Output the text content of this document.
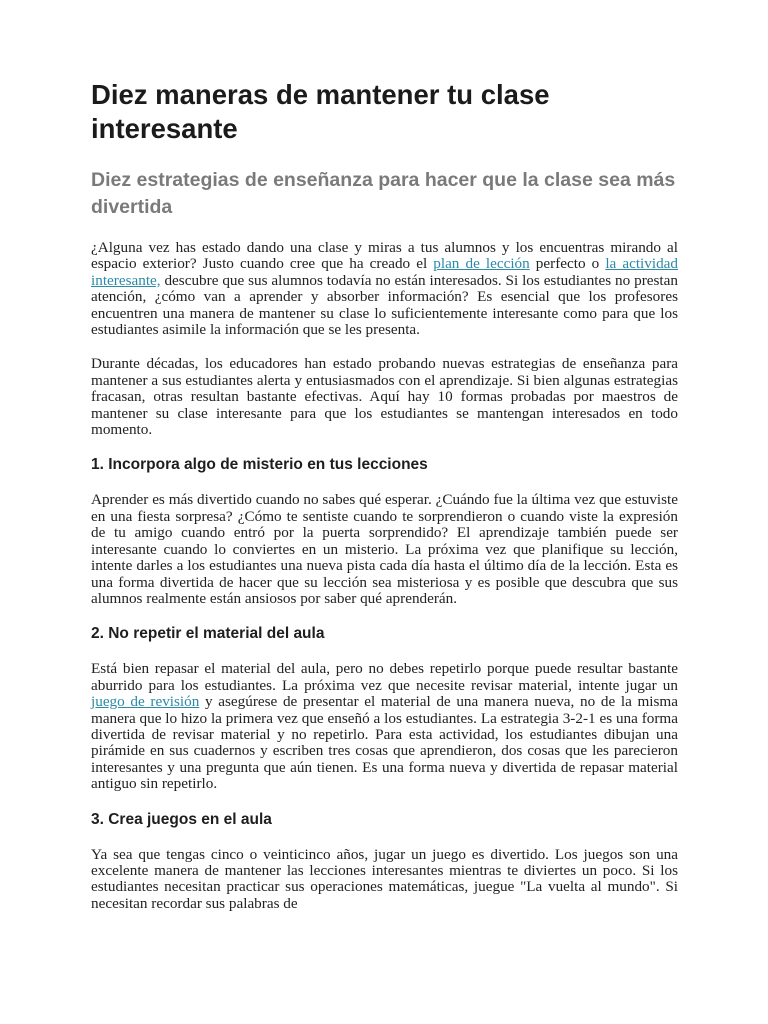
Diez maneras de mantener tu clase interesante
Diez estrategias de enseñanza para hacer que la clase sea más divertida

¿Alguna vez has estado dando una clase y miras a tus alumnos y los encuentras mirando al espacio exterior? Justo cuando cree que ha creado el plan de lección perfecto o la actividad interesante, descubre que sus alumnos todavía no están interesados. Si los estudiantes no prestan atención, ¿cómo van a aprender y absorber información? Es esencial que los profesores encuentren una manera de mantener su clase lo suficientemente interesante como para que los estudiantes asimile la información que se les presenta.

Durante décadas, los educadores han estado probando nuevas estrategias de enseñanza para mantener a sus estudiantes alerta y entusiasmados con el aprendizaje. Si bien algunas estrategias fracasan, otras resultan bastante efectivas. Aquí hay 10 formas probadas por maestros de mantener su clase interesante para que los estudiantes se mantengan interesados en todo momento.

1. Incorpora algo de misterio en tus lecciones

Aprender es más divertido cuando no sabes qué esperar. ¿Cuándo fue la última vez que estuviste en una fiesta sorpresa? ¿Cómo te sentiste cuando te sorprendieron o cuando viste la expresión de tu amigo cuando entró por la puerta sorprendido? El aprendizaje también puede ser interesante cuando lo conviertes en un misterio. La próxima vez que planifique su lección, intente darles a los estudiantes una nueva pista cada día hasta el último día de la lección. Esta es una forma divertida de hacer que su lección sea misteriosa y es posible que descubra que sus alumnos realmente están ansiosos por saber qué aprenderán.

2. No repetir el material del aula

Está bien repasar el material del aula, pero no debes repetirlo porque puede resultar bastante aburrido para los estudiantes. La próxima vez que necesite revisar material, intente jugar un juego de revisión y asegúrese de presentar el material de una manera nueva, no de la misma manera que lo hizo la primera vez que enseñó a los estudiantes. La estrategia 3-2-1 es una forma divertida de revisar material y no repetirlo. Para esta actividad, los estudiantes dibujan una pirámide en sus cuadernos y escriben tres cosas que aprendieron, dos cosas que les parecieron interesantes y una pregunta que aún tienen. Es una forma nueva y divertida de repasar material antiguo sin repetirlo.

3. Crea juegos en el aula

Ya sea que tengas cinco o veinticinco años, jugar un juego es divertido. Los juegos son una excelente manera de mantener las lecciones interesantes mientras te diviertes un poco. Si los estudiantes necesitan practicar sus operaciones matemáticas, juegue "La vuelta al mundo". Si necesitan recordar sus palabras de
